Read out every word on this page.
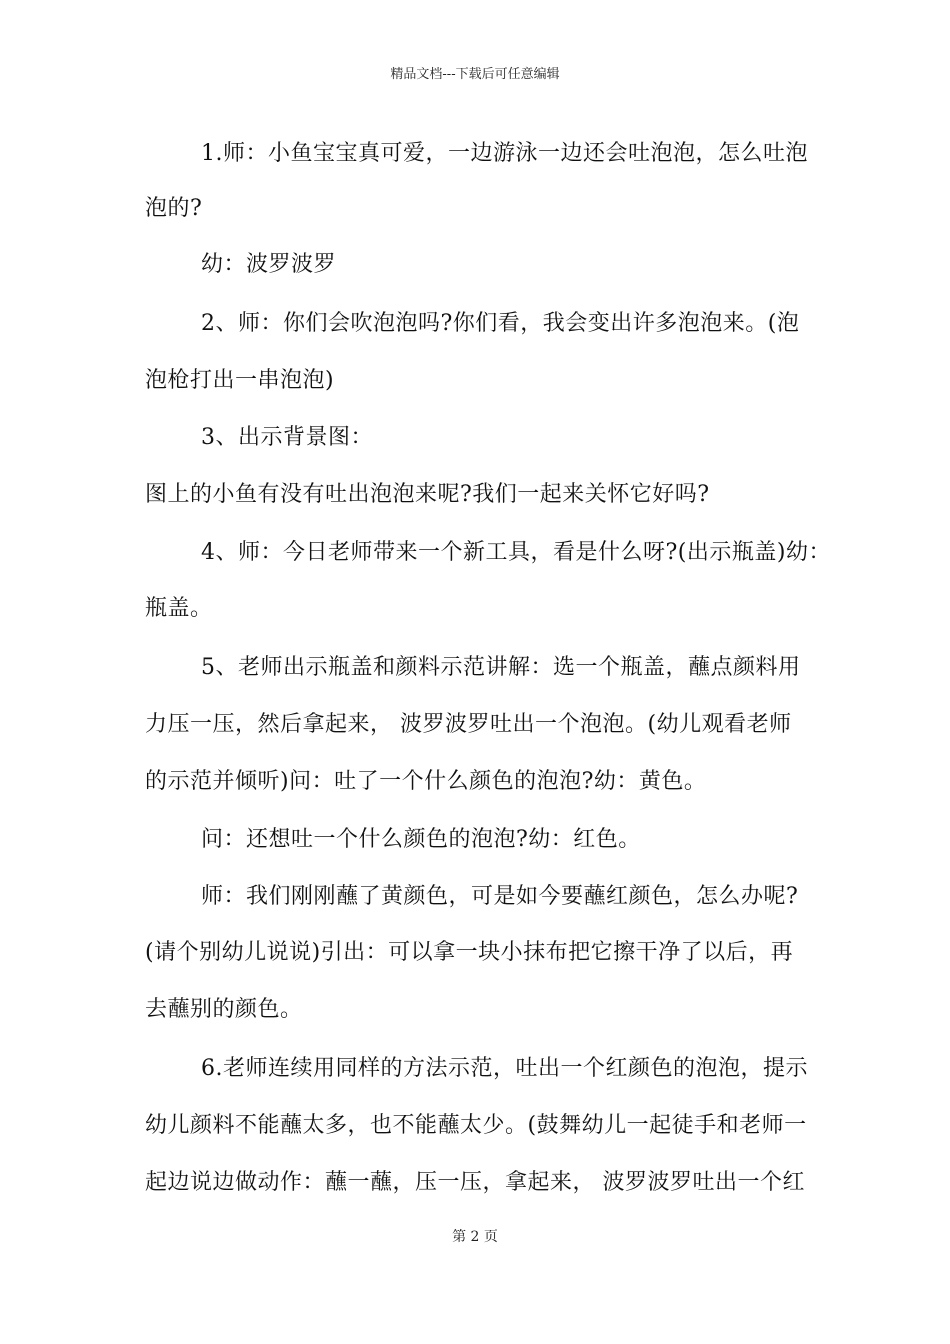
精品文档---下载后可任意编辑
1.师：小鱼宝宝真可爱，一边游泳一边还会吐泡泡，怎么吐泡
泡的?
幼：波罗波罗
2、师：你们会吹泡泡吗?你们看，我会变出许多泡泡来。(泡
泡枪打出一串泡泡)
3、出示背景图：
图上的小鱼有没有吐出泡泡来呢?我们一起来关怀它好吗?
4、师：今日老师带来一个新工具，看是什么呀?(出示瓶盖)幼：
瓶盖。
5、老师出示瓶盖和颜料示范讲解：选一个瓶盖，蘸点颜料用
力压一压，然后拿起来， 波罗波罗吐出一个泡泡。(幼儿观看老师
的示范并倾听)问：吐了一个什么颜色的泡泡?幼：黄色。
问：还想吐一个什么颜色的泡泡?幼：红色。
师：我们刚刚蘸了黄颜色，可是如今要蘸红颜色，怎么办呢?
(请个别幼儿说说)引出：可以拿一块小抹布把它擦干净了以后，再
去蘸别的颜色。
6.老师连续用同样的方法示范，吐出一个红颜色的泡泡，提示
幼儿颜料不能蘸太多，也不能蘸太少。(鼓舞幼儿一起徒手和老师一
起边说边做动作：蘸一蘸，压一压，拿起来， 波罗波罗吐出一个红
第 2 页
